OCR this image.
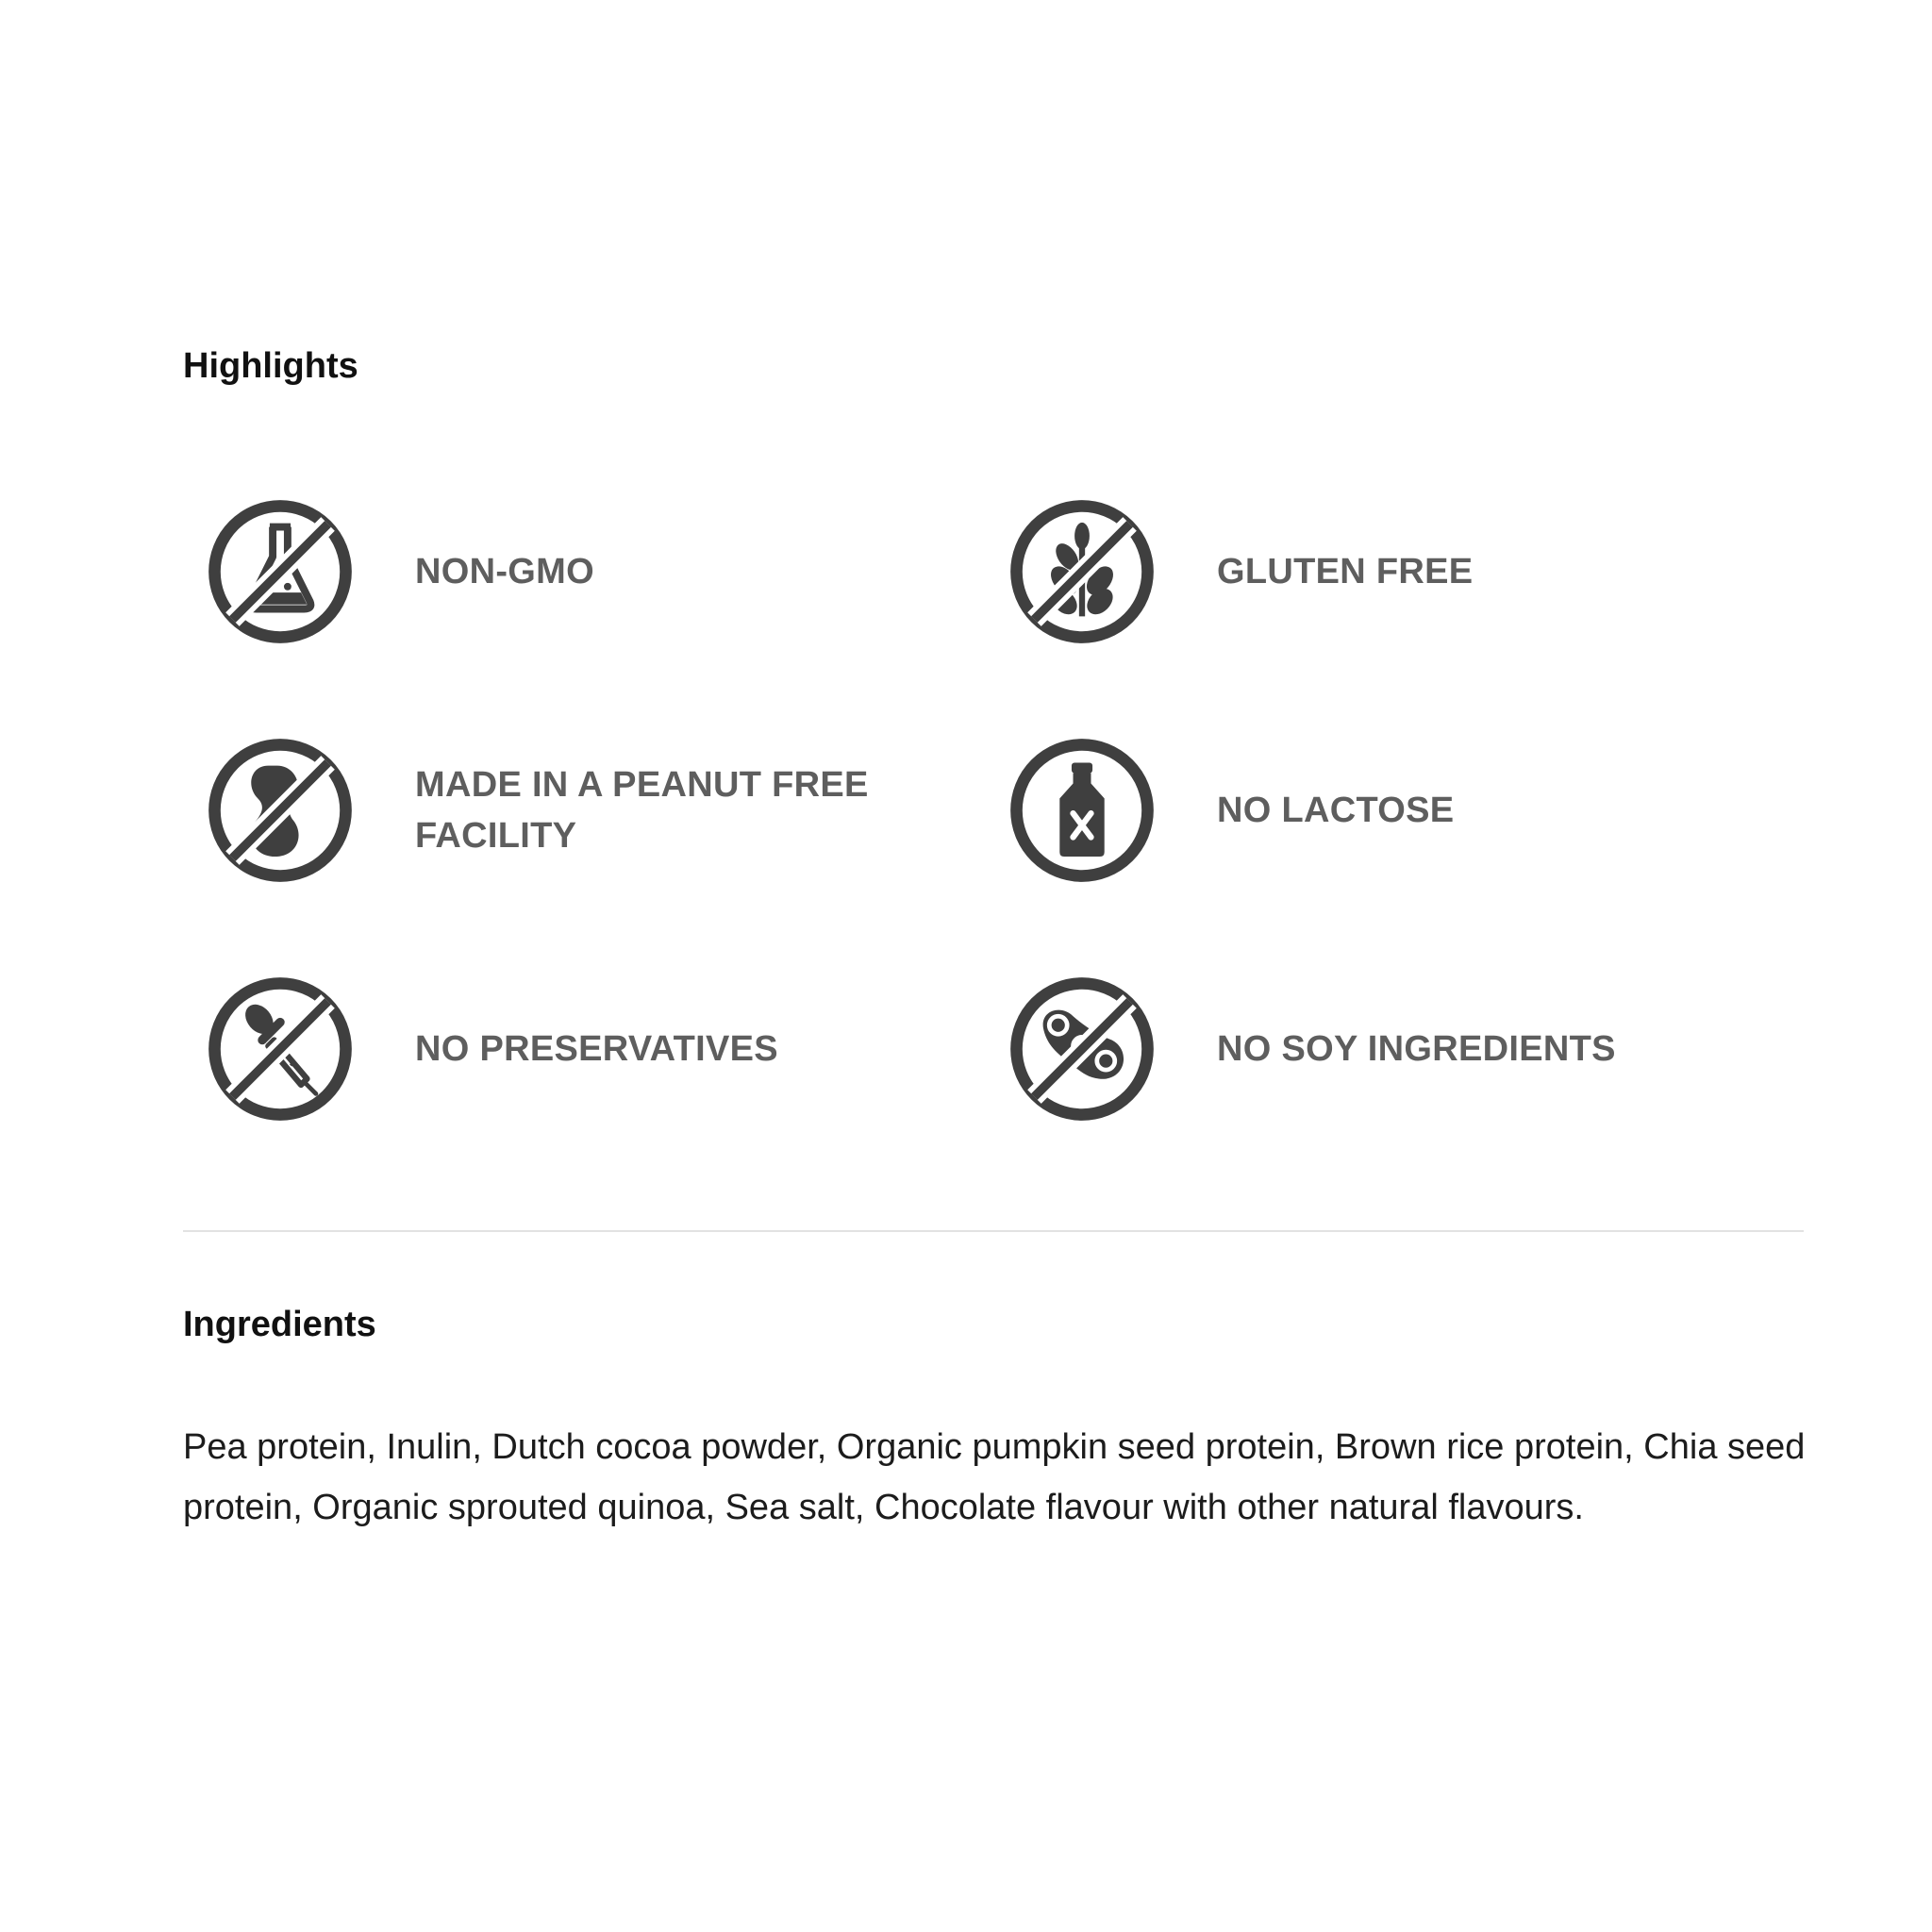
Highlights
NON-GMO	GLUTEN FREE
MADE IN A PEANUT FREE FACILITY
NO LACTOSE
NO PRESERVATIVES	NO SOY INGREDIENTS
Ingredients

Pea protein, Inulin, Dutch cocoa powder, Organic pumpkin seed protein, Brown rice protein, Chia seed protein, Organic sprouted quinoa, Sea salt, Chocolate flavour with other natural flavours.
